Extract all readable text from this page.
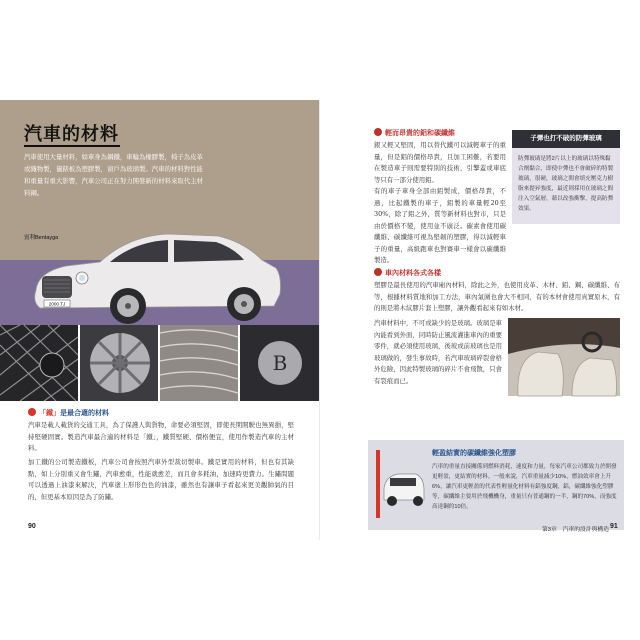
汽車的材料
汽車使用大量材料，如車身為鋼鐵，車輪為橡膠製，椅子為皮革或織物製，儀錶板為塑膠製，窗戶為玻璃製。汽車的材料對性能和重量有重大影響，汽車公司正在努力開發新的材料來取代主材料鋼。
2000 TJ
賓利Bentayga
B
「鐵」是最合適的材料
汽車是載人載貨的交通工具，為了保護人與貨物，命要必須堅固，即使長期開駛也無異損，堅持堅硬固實。製造汽車最合適的材料是「鐵」，鐵質堅硬、價格便宜，使用作製造汽車的主材料。
加工鐵的公司製造鐵板，汽車公司會按照汽車外型裁切製車。鐵是實用的材料，但也有其缺點，如上分別重又會生鏽，汽車愈重，性能就愈差，而且會多耗油，加速時更費力。生鏽問題可以透過上油漆來解決，汽車塗上形形色色的油漆，雖然也有讓車子看起來更美觀帥氣的目的，但更基本原因是為了防鏽。
90
輕而昂貴的鋁和碳纖維
銀又輕又堅固，用以替代鐵可以減輕車子的重量，但是鋁的價格昂貴，且加工困難，若要用在製造車子則需要特別的技術，引擎蓋或車底等只有一部分使用鋁。
有的車子車身全部由鋁製成，價格昂貴，不過，比起鐵製的車子，鋁製的車量輕20至30%，除了鋁之外，質等新材料也對市，只是由於價格不變，使用並不廣泛。碳素會使用碳纖維、碳纖維可視為堅韌的塑膠，得以減輕車子的重量，高級跑車也對賽車一樣會以碳纖維製造。
子彈也打不破的防彈玻璃
防彈玻璃是將2片以上的玻璃以特殊黏合劑黏合，即使中彈也不會破碎的特製玻璃，很硬，玻璃之間會填充壓克力樹脂來提昇強度，最近則採用在玻璃之間注入空氣層，藉以改強衝擊，提高防彈效果。
車內材料各式各樣
塑膠是最長使用的汽車廂內材料，除此之外，也使用皮革、木材、鋁、鋼、碳纖維、布等，根據材料質地和加工方法，車內氣圍也會大不相同，有的本材會使用真實原木，有的則是將木紋膠片套上塑膠，讓外觀看起來有如木材。
汽車材料中，不可或缺少的是玻璃。玻璃是車內能看到外面，同時防止風流灌進車內的重要零件，就必須使用玻璃，後玻或前玻璃也是用玻璃做的，發生事故時，若汽車玻璃碎裂會格外危險，因此特製玻璃的碎片不會飛散，只會有裂痕而已。
輕盈結實的碳纖維強化塑膠
汽車的重量直接關係到燃料消耗，速度和力量，每家汽車公司都致力於開發更輕盈，更結實的材料，一般來說，汽車重量減少10%，燃油效率會上升6%，讓汽車更輕盈的代表性輕量化材料有鋁強度鋼，鋁，碳纖維強化塑膠等，碳纖維主要用於飛機機身，重量只有普通鋼的一半，鋼的70%，而強度高達鋼的10倍。
第3章　汽車的設計與構造 91
